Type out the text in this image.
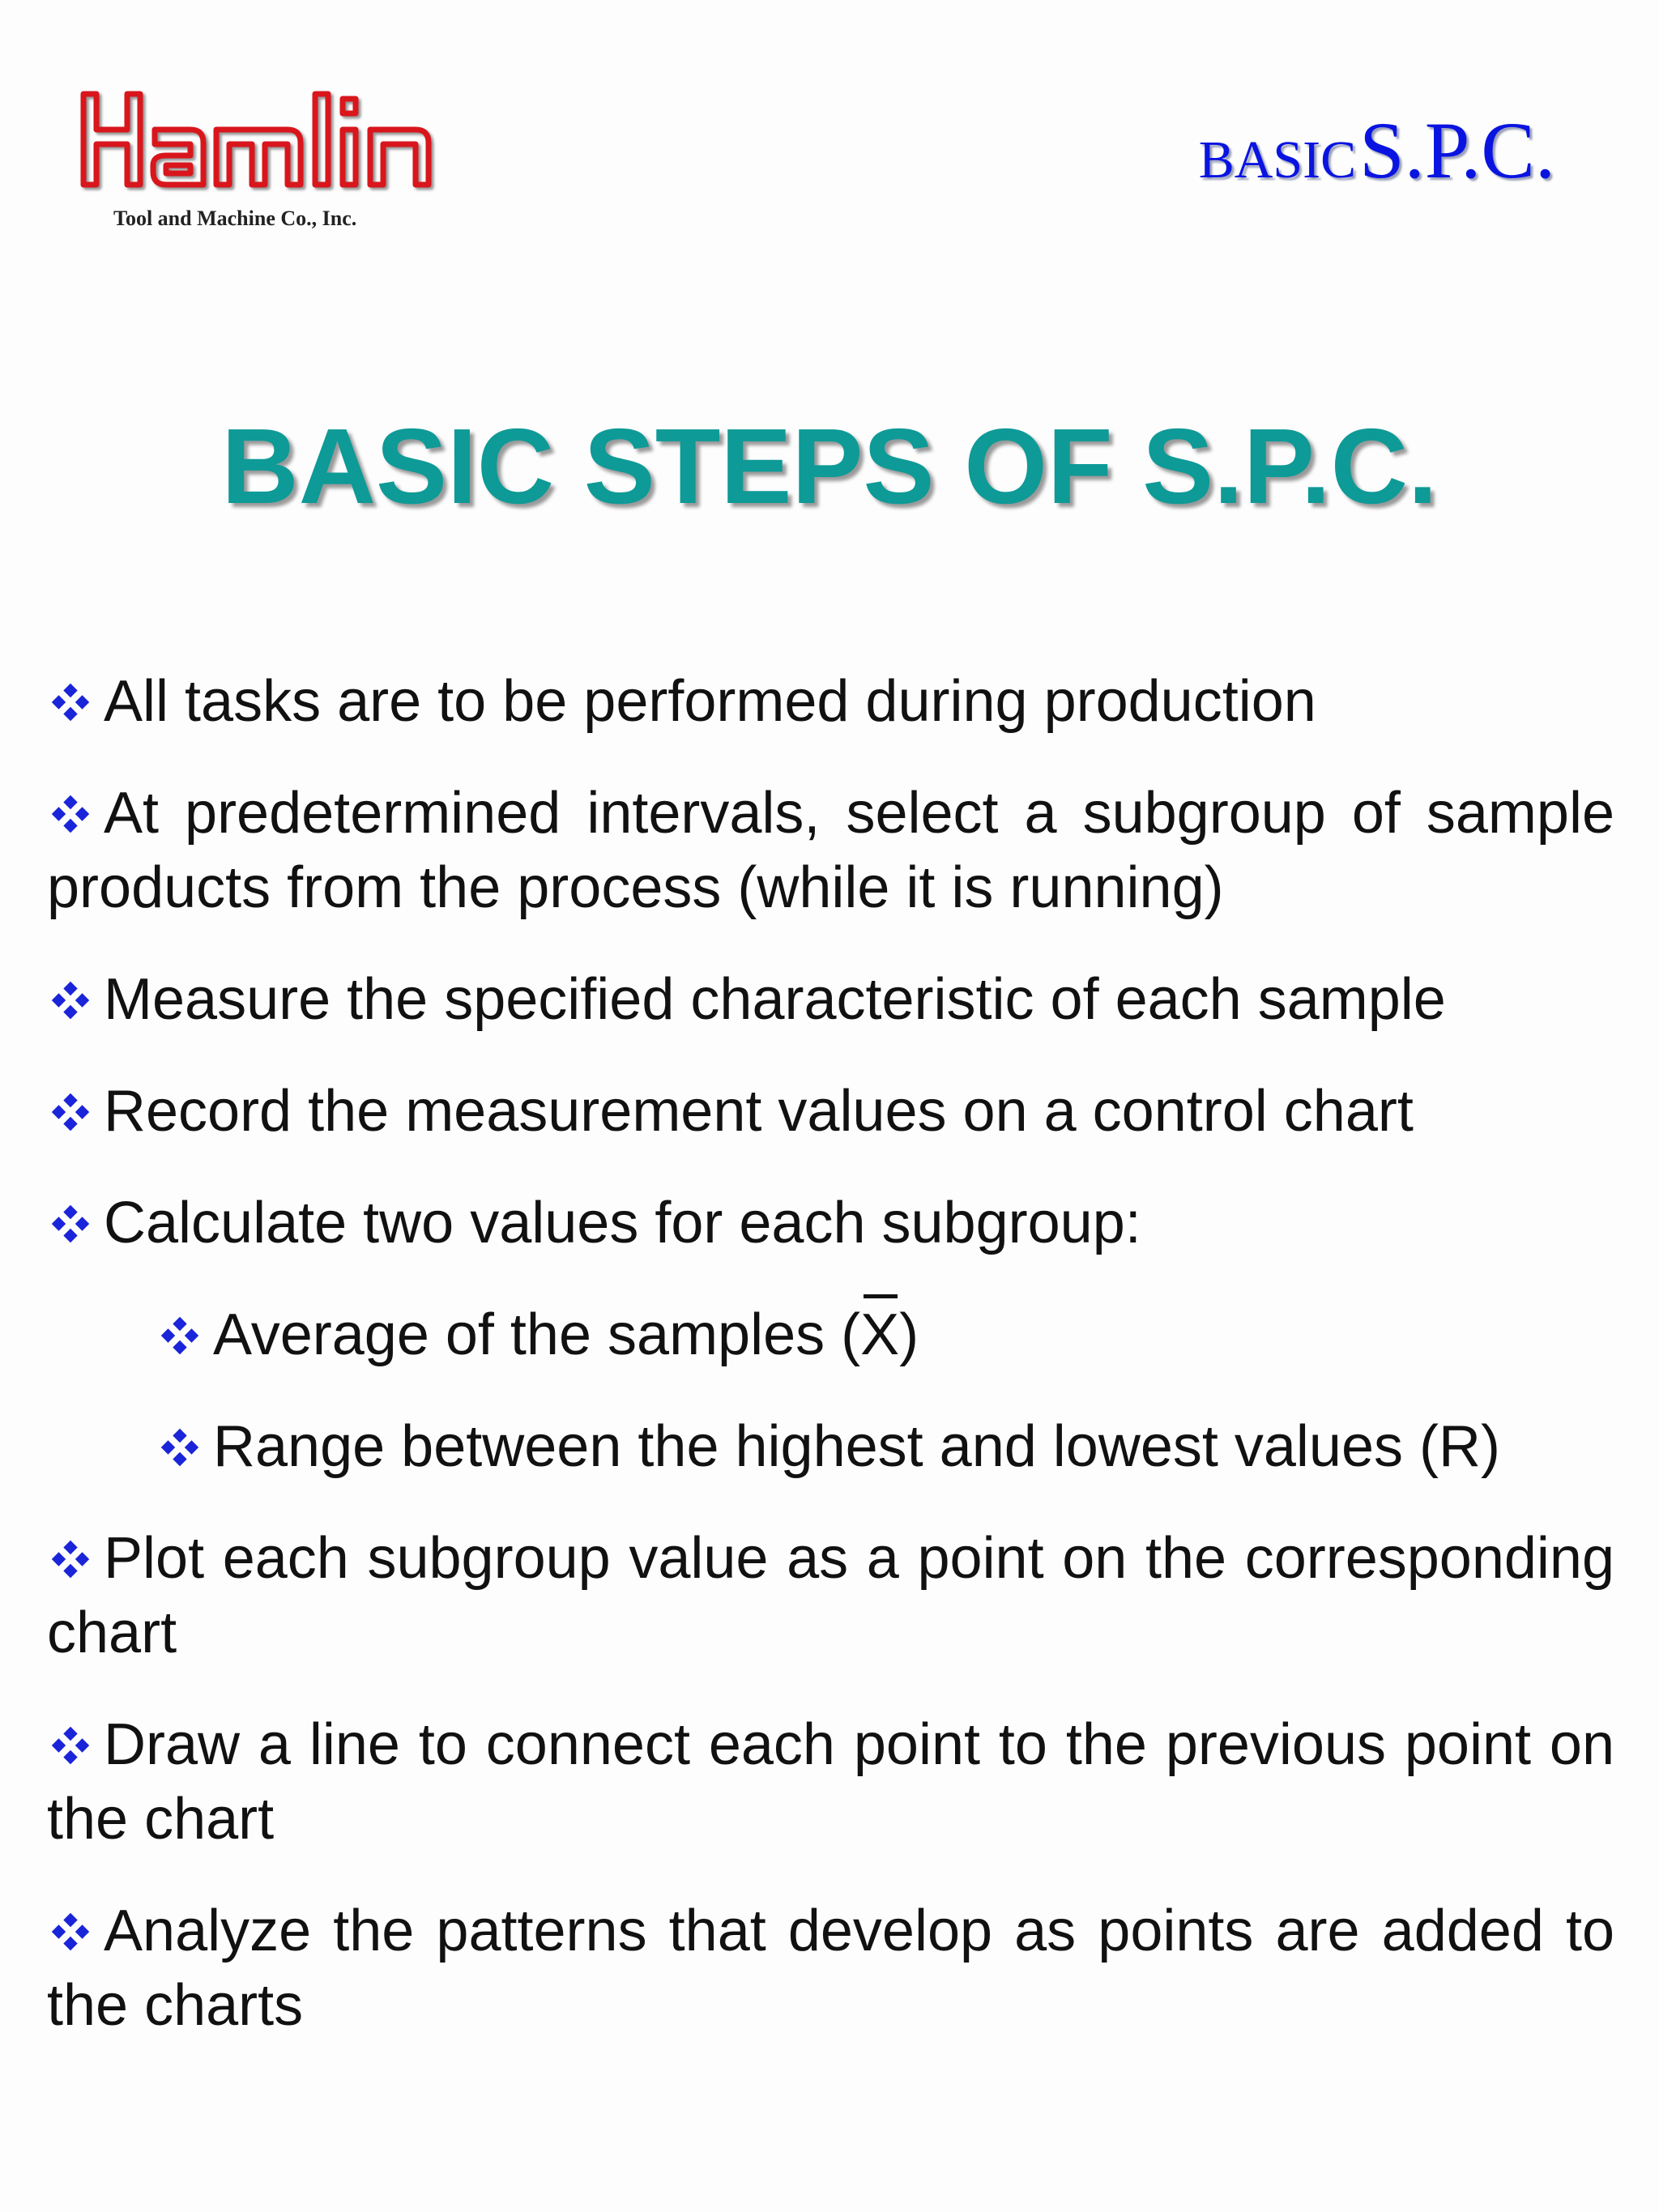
Tool and Machine Co., Inc.
BASIC S.P.C.
BASIC STEPS OF S.P.C.
All tasks are to be performed during production
At predetermined intervals, select a subgroup of sample products from the process (while it is running)
Measure the specified characteristic of each sample
Record the measurement values on a control chart
Calculate two values for each subgroup:
Average of the samples (X)
Range between the highest and lowest values (R)
Plot each subgroup value as a point on the corresponding chart
Draw a line to connect each point to the previous point on the chart
Analyze the patterns that develop as points are added to the charts
